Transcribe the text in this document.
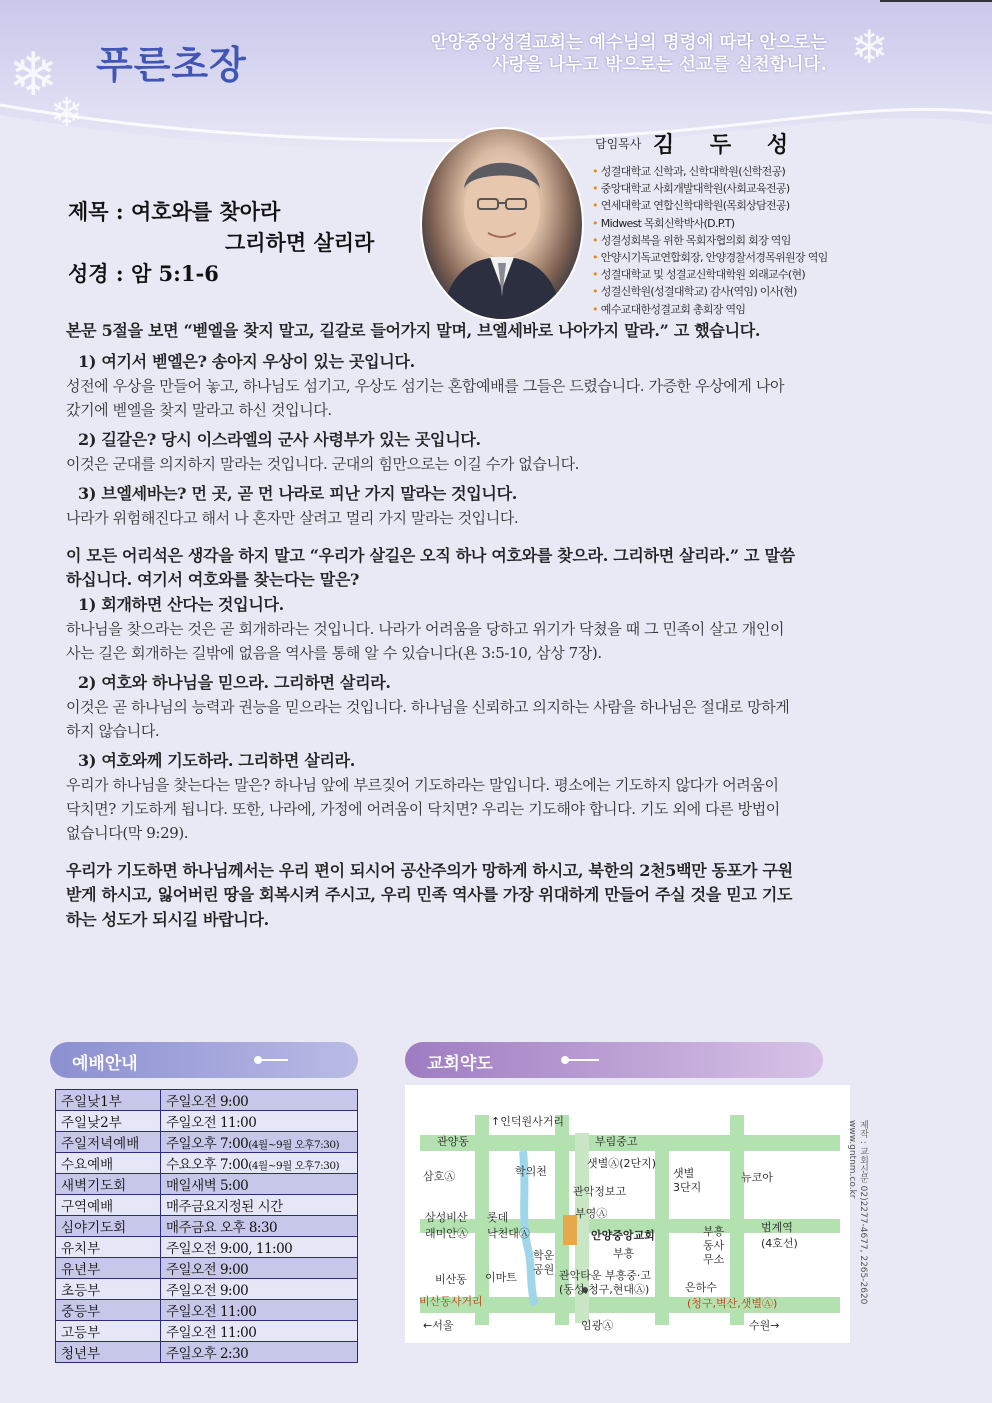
❄
❄
❄
푸른초장	안양중앙성결교회는 예수님의 명령에 따라 안으로는
사랑을 나누고 밖으로는 선교를 실천합니다.
담임목사 김 두 성
• 성결대학교 신학과, 신학대학원(신학전공)
• 중앙대학교 사회개발대학원(사회교육전공)
• 연세대학교 연합신학대학원(목회상담전공)
• Midwest 목회신학박사(D.P.T)
• 성결성회복을 위한 목회자협의회 회장 역임
• 안양시기독교연합회장, 안양경찰서경목위원장 역임
• 성결대학교 및 성결교신학대학원 외래교수(현)
• 성결신학원(성결대학교) 감사(역임) 이사(현)
• 예수교대한성결교회 총회장 역임
제목 : 여호와를 찾아라
그리하면 살리라
성경 : 암 5:1-6

본문 5절을 보면 “벧엘을 찾지 말고, 길갈로 들어가지 말며, 브엘세바로 나아가지 말라.” 고 했습니다.

1) 여기서 벧엘은? 송아지 우상이 있는 곳입니다.

성전에 우상을 만들어 놓고, 하나님도 섬기고, 우상도 섬기는 혼합예배를 그들은 드렸습니다. 가증한 우상에게 나아갔기에 벧엘을 찾지 말라고 하신 것입니다.

2) 길갈은? 당시 이스라엘의 군사 사령부가 있는 곳입니다.

이것은 군대를 의지하지 말라는 것입니다. 군대의 힘만으로는 이길 수가 없습니다.

3) 브엘세바는? 먼 곳, 곧 먼 나라로 피난 가지 말라는 것입니다.

나라가 위험해진다고 해서 나 혼자만 살려고 멀리 가지 말라는 것입니다.

이 모든 어리석은 생각을 하지 말고 “우리가 살길은 오직 하나 여호와를 찾으라. 그리하면 살리라.” 고 말씀하십니다. 여기서 여호와를 찾는다는 말은?

1) 회개하면 산다는 것입니다.

하나님을 찾으라는 것은 곧 회개하라는 것입니다. 나라가 어려움을 당하고 위기가 닥쳤을 때 그 민족이 살고 개인이 사는 길은 회개하는 길밖에 없음을 역사를 통해 알 수 있습니다(욘 3:5-10, 삼상 7장).

2) 여호와 하나님을 믿으라. 그리하면 살리라.

이것은 곧 하나님의 능력과 권능을 믿으라는 것입니다. 하나님을 신뢰하고 의지하는 사람을 하나님은 절대로 망하게 하지 않습니다.

3) 여호와께 기도하라. 그리하면 살리라.

우리가 하나님을 찾는다는 말은? 하나님 앞에 부르짖어 기도하라는 말입니다. 평소에는 기도하지 않다가 어려움이 닥치면? 기도하게 됩니다. 또한, 나라에, 가정에 어려움이 닥치면? 우리는 기도해야 합니다. 기도 외에 다른 방법이 없습니다(막 9:29).

우리가 기도하면 하나님께서는 우리 편이 되시어 공산주의가 망하게 하시고, 북한의 2천5백만 동포가 구원받게 하시고, 잃어버린 땅을 회복시켜 주시고, 우리 민족 역사를 가장 위대하게 만들어 주실 것을 믿고 기도하는 성도가 되시길 바랍니다.

예배안내
주일낮1부	주일오전 9:00
주일낮2부	주일오전 11:00
주일저녁예배	주일오후 7:00(4월~9월 오후7:30)
수요예배	수요오후 7:00(4월~9월 오후7:30)
새벽기도회	매일새벽 5:00
구역예배	매주금요지정된 시간
심야기도회	매주금요 오후 8:30
유치부	주일오전 9:00, 11:00
유년부	주일오전 9:00
초등부	주일오전 9:00
중등부	주일오전 11:00
고등부	주일오전 11:00
청년부	주일오후 2:30
교회약도
↑인덕원사거리
관양동	부림중고
삼호Ⓐ
샛별Ⓐ(2단지)
샛별
3단지
뉴코아
학의천
관악정보고
삼성비산
래미안Ⓐ
롯데
낙천대Ⓐ
부영Ⓐ
안양중앙교회
부흥
부흥
동사
무소
범계역
(4호선)
학운
공원
비산동 이마트	관악타운 부흥중·고
(동성,청구,현대Ⓐ)	은하수
비산동사거리	(청구,벽산,샛별Ⓐ)
←서울	임광Ⓐ	수원→
제작 : 교회신문 02)2277-4677, 2265-2620 www.gntnm.co.kr
